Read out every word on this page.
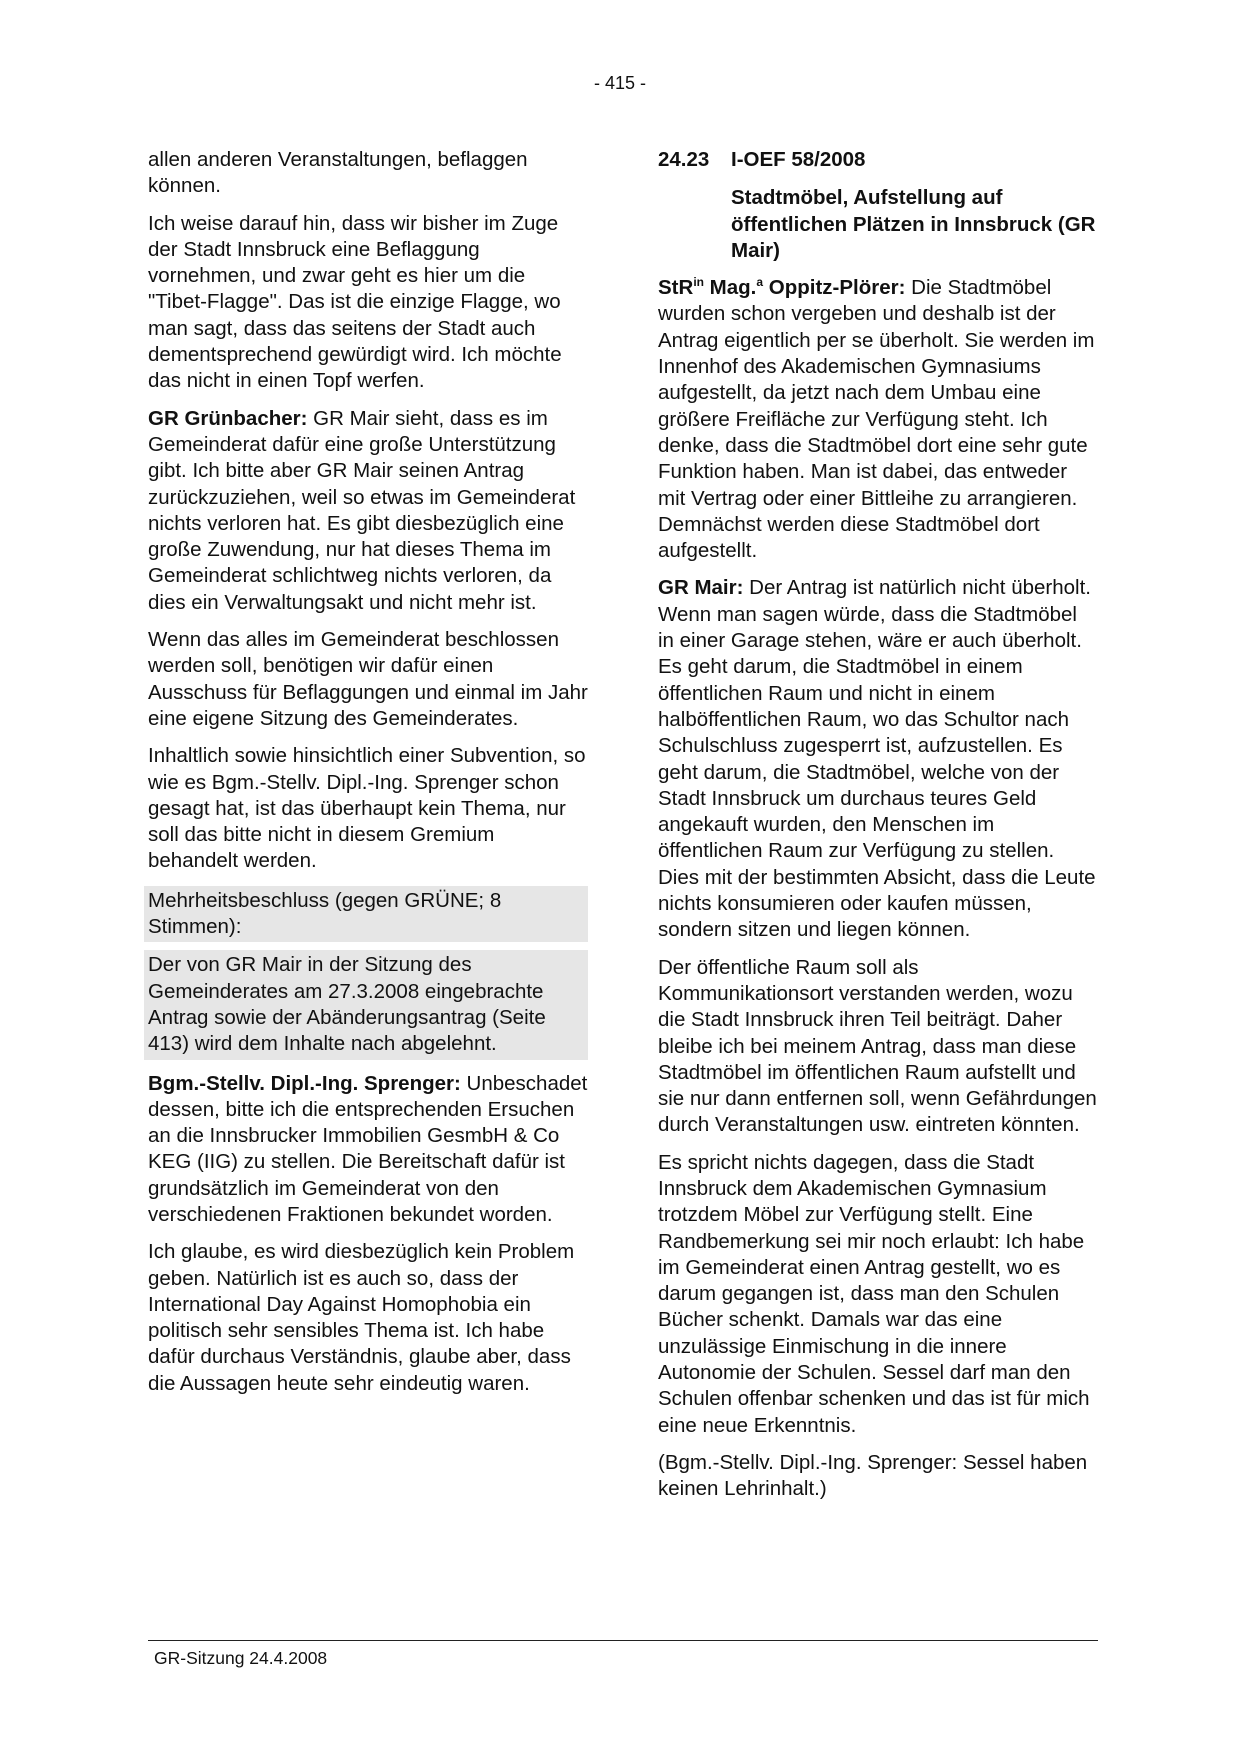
- 415 -

allen anderen Veranstaltungen, beflaggen können.

Ich weise darauf hin, dass wir bisher im Zuge der Stadt Innsbruck eine Beflaggung vornehmen, und zwar geht es hier um die "Tibet-Flagge". Das ist die einzige Flagge, wo man sagt, dass das seitens der Stadt auch dementsprechend gewürdigt wird. Ich möchte das nicht in einen Topf werfen.

GR Grünbacher: GR Mair sieht, dass es im Gemeinderat dafür eine große Unterstützung gibt. Ich bitte aber GR Mair seinen Antrag zurückzuziehen, weil so etwas im Gemeinderat nichts verloren hat. Es gibt diesbezüglich eine große Zuwendung, nur hat dieses Thema im Gemeinderat schlichtweg nichts verloren, da dies ein Verwaltungsakt und nicht mehr ist.

Wenn das alles im Gemeinderat beschlossen werden soll, benötigen wir dafür einen Ausschuss für Beflaggungen und einmal im Jahr eine eigene Sitzung des Gemeinderates.

Inhaltlich sowie hinsichtlich einer Subvention, so wie es Bgm.-Stellv. Dipl.-Ing. Sprenger schon gesagt hat, ist das überhaupt kein Thema, nur soll das bitte nicht in diesem Gremium behandelt werden.

Mehrheitsbeschluss (gegen GRÜNE; 8 Stimmen):

Der von GR Mair in der Sitzung des Gemeinderates am 27.3.2008 eingebrachte Antrag sowie der Abänderungsantrag (Seite 413) wird dem Inhalte nach abgelehnt.

Bgm.-Stellv. Dipl.-Ing. Sprenger: Unbeschadet dessen, bitte ich die entsprechenden Ersuchen an die Innsbrucker Immobilien GesmbH & Co KEG (IIG) zu stellen. Die Bereitschaft dafür ist grundsätzlich im Gemeinderat von den verschiedenen Fraktionen bekundet worden.

Ich glaube, es wird diesbezüglich kein Problem geben. Natürlich ist es auch so, dass der International Day Against Homophobia ein politisch sehr sensibles Thema ist. Ich habe dafür durchaus Verständnis, glaube aber, dass die Aussagen heute sehr eindeutig waren.

24.23 I-OEF 58/2008
Stadtmöbel, Aufstellung auf öffentlichen Plätzen in Innsbruck (GR Mair)

StR$^{in}$ Mag.$^a$ Oppitz-Plörer: Die Stadtmöbel wurden schon vergeben und deshalb ist der Antrag eigentlich per se überholt. Sie werden im Innenhof des Akademischen Gymnasiums aufgestellt, da jetzt nach dem Umbau eine größere Freifläche zur Verfügung steht. Ich denke, dass die Stadtmöbel dort eine sehr gute Funktion haben. Man ist dabei, das entweder mit Vertrag oder einer Bittleihe zu arrangieren. Demnächst werden diese Stadtmöbel dort aufgestellt.

GR Mair: Der Antrag ist natürlich nicht überholt. Wenn man sagen würde, dass die Stadtmöbel in einer Garage stehen, wäre er auch überholt. Es geht darum, die Stadtmöbel in einem öffentlichen Raum und nicht in einem halböffentlichen Raum, wo das Schultor nach Schulschluss zugesperrt ist, aufzustellen. Es geht darum, die Stadtmöbel, welche von der Stadt Innsbruck um durchaus teures Geld angekauft wurden, den Menschen im öffentlichen Raum zur Verfügung zu stellen. Dies mit der bestimmten Absicht, dass die Leute nichts konsumieren oder kaufen müssen, sondern sitzen und liegen können.

Der öffentliche Raum soll als Kommunikationsort verstanden werden, wozu die Stadt Innsbruck ihren Teil beiträgt. Daher bleibe ich bei meinem Antrag, dass man diese Stadtmöbel im öffentlichen Raum aufstellt und sie nur dann entfernen soll, wenn Gefährdungen durch Veranstaltungen usw. eintreten könnten.

Es spricht nichts dagegen, dass die Stadt Innsbruck dem Akademischen Gymnasium trotzdem Möbel zur Verfügung stellt. Eine Randbemerkung sei mir noch erlaubt: Ich habe im Gemeinderat einen Antrag gestellt, wo es darum gegangen ist, dass man den Schulen Bücher schenkt. Damals war das eine unzulässige Einmischung in die innere Autonomie der Schulen. Sessel darf man den Schulen offenbar schenken und das ist für mich eine neue Erkenntnis.

(Bgm.-Stellv. Dipl.-Ing. Sprenger: Sessel haben keinen Lehrinhalt.)

GR-Sitzung 24.4.2008
